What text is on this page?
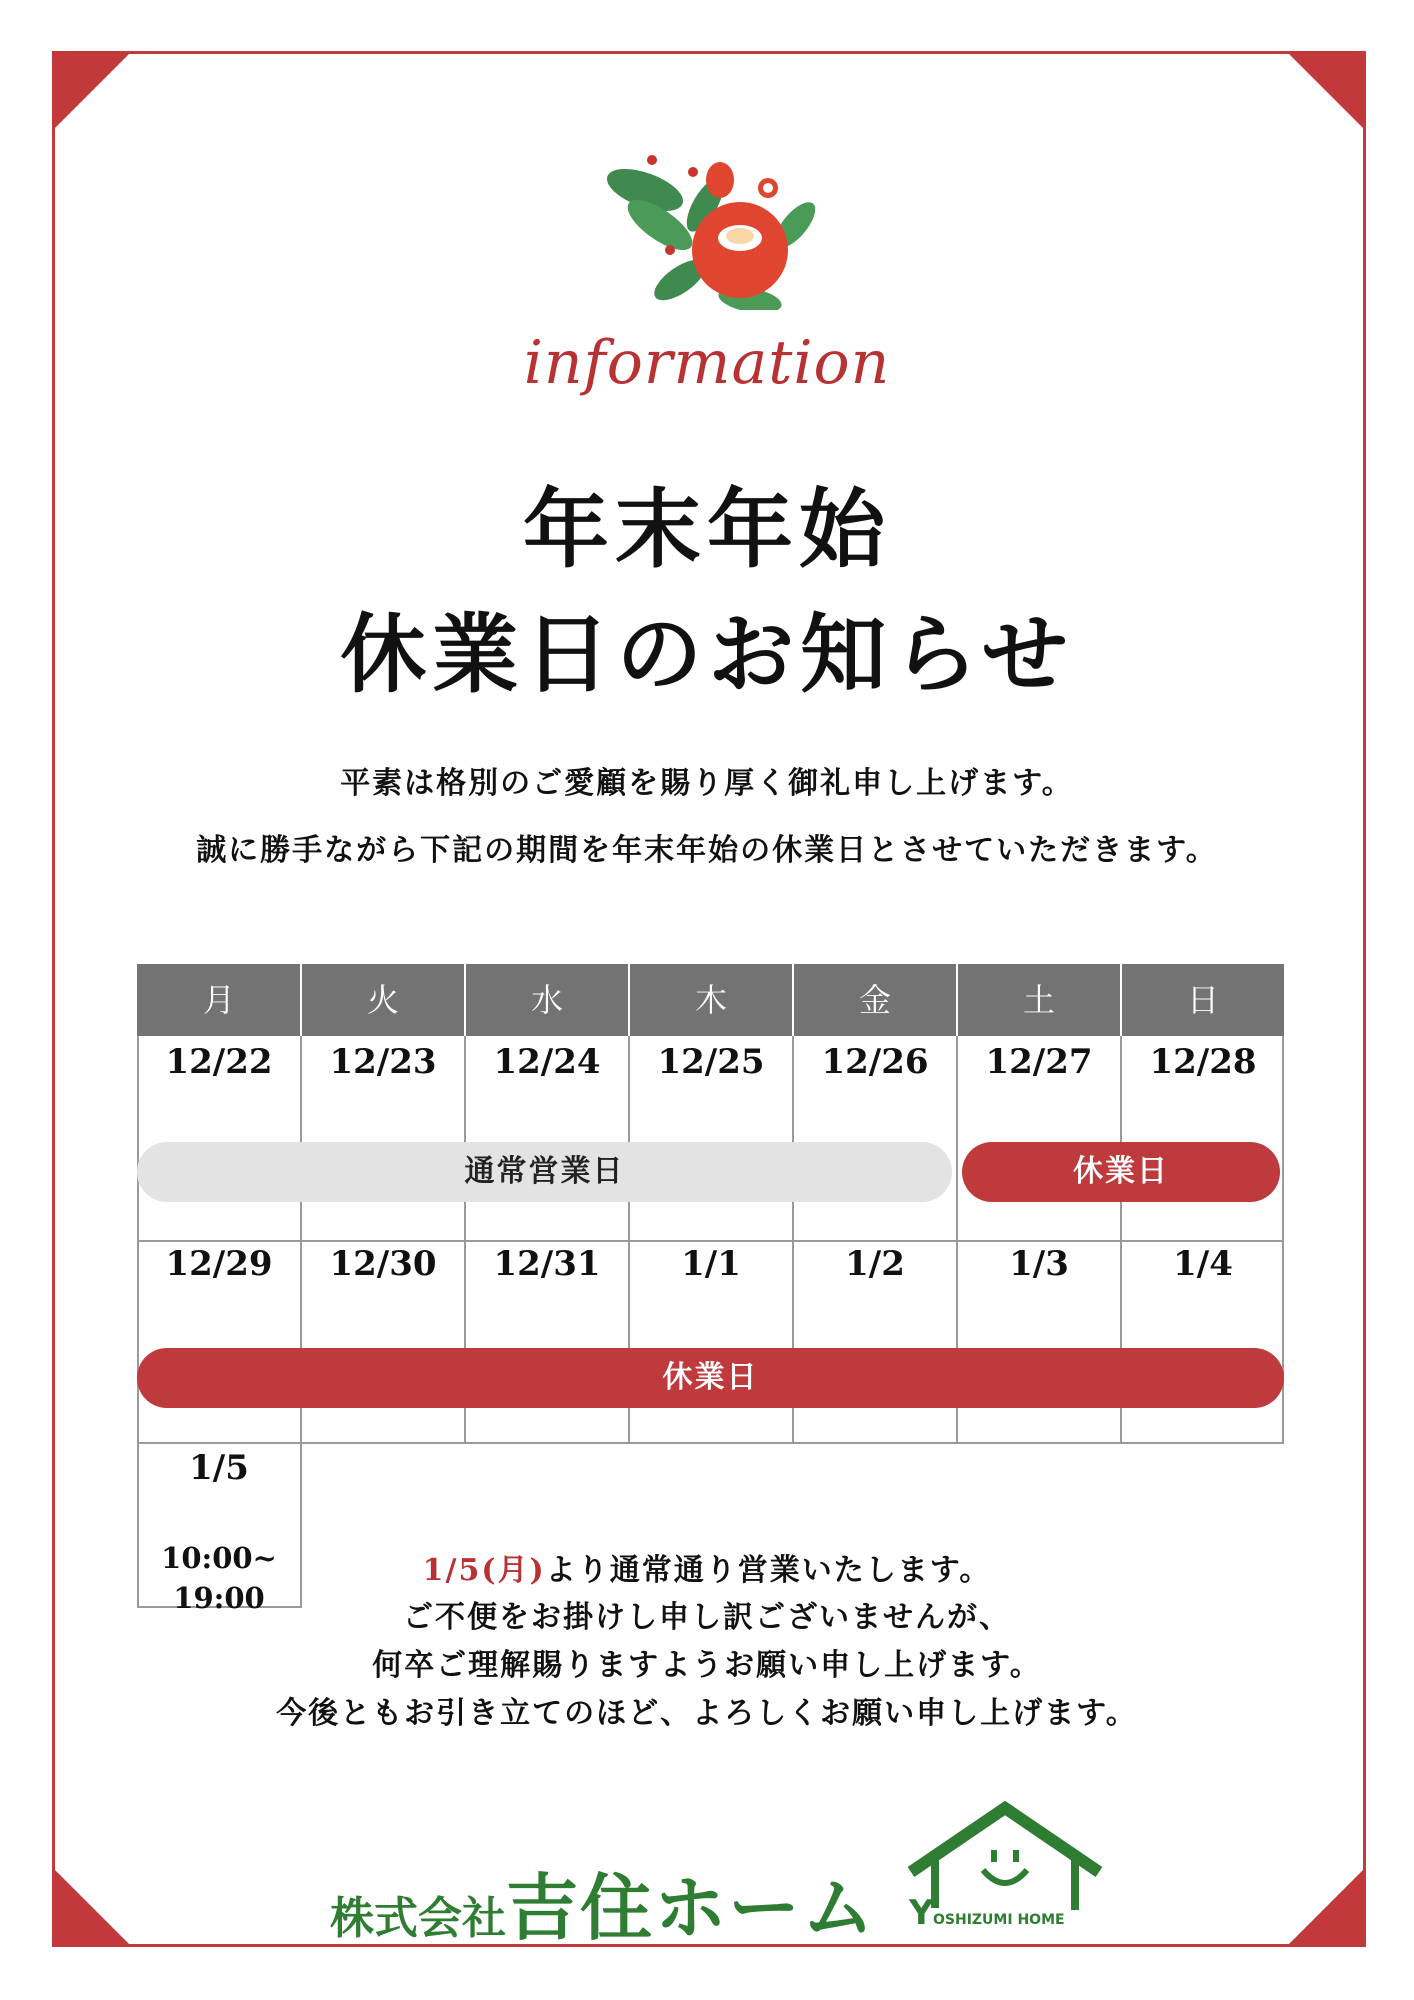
information
年末年始
休業日のお知らせ
平素は格別のご愛顧を賜り厚く御礼申し上げます。
誠に勝手ながら下記の期間を年末年始の休業日とさせていただきます。
月	火	水	木	金	土	日
12/22	12/23	12/24	12/25	12/26	12/27	12/28
通常営業日	休業日
12/29	12/30	12/31	1/1	1/2	1/3	1/4
休業日
1/5
10:00~
19:00
1/5(月)より通常通り営業いたします。
ご不便をお掛けし申し訳ございませんが、
何卒ご理解賜りますようお願い申し上げます。
今後ともお引き立てのほど、よろしくお願い申し上げます。
株式会社吉住ホーム Y OSHIZUMI HOME
